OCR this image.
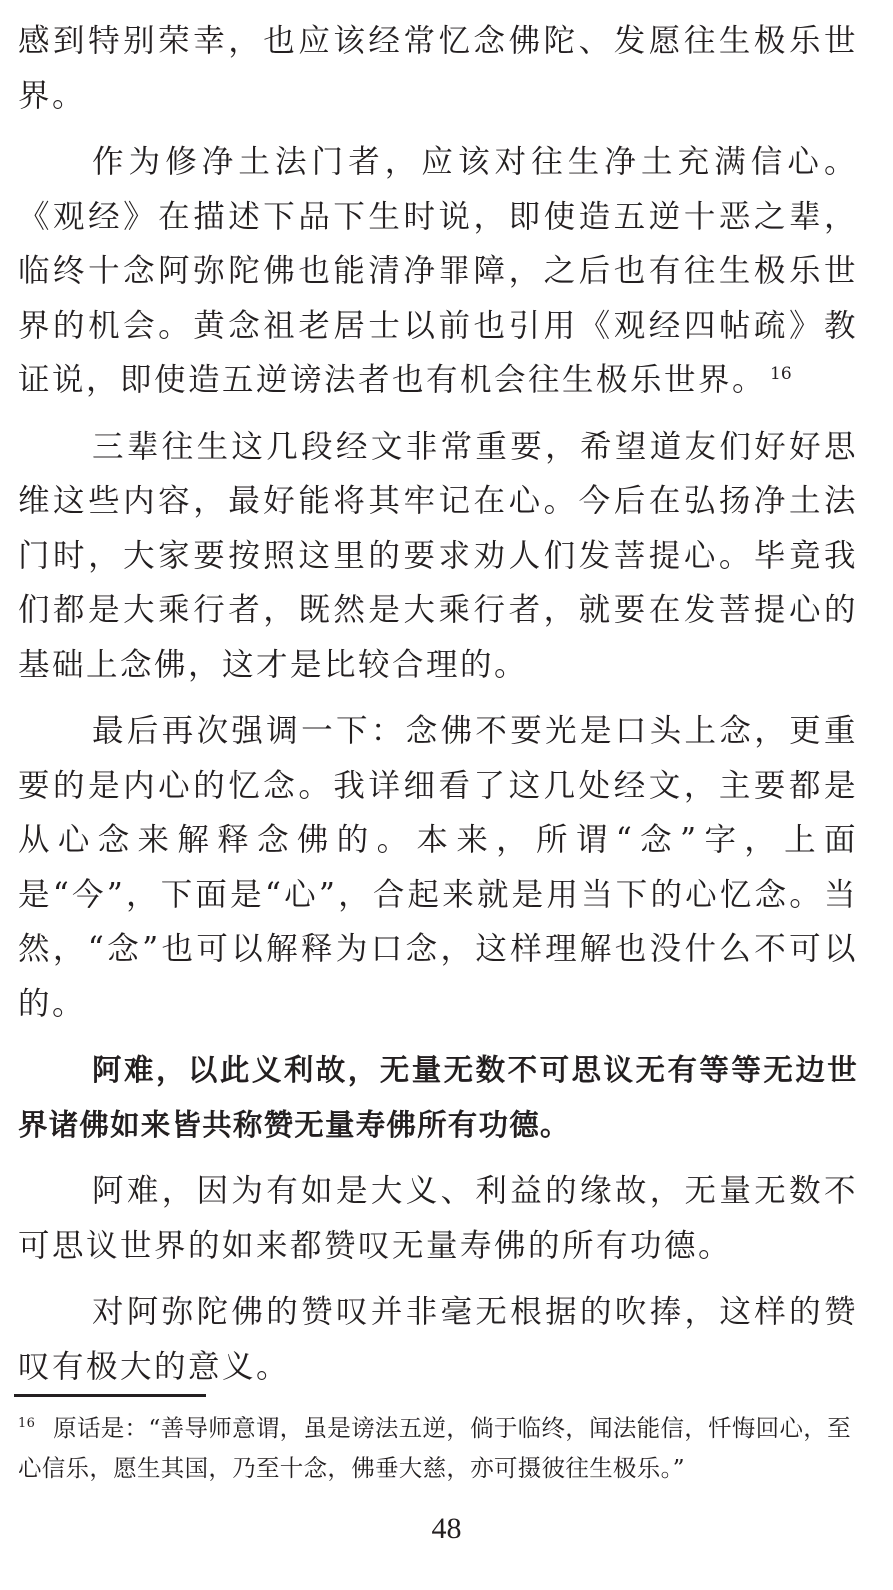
感到特别荣幸，也应该经常忆念佛陀、发愿往生极乐世界。

作为修净土法门者，应该对往生净土充满信心。《观经》在描述下品下生时说，即使造五逆十恶之辈，临终十念阿弥陀佛也能清净罪障，之后也有往生极乐世界的机会。黄念祖老居士以前也引用《观经四帖疏》教证说，即使造五逆谤法者也有机会往生极乐世界。 $^{16}$

三辈往生这几段经文非常重要，希望道友们好好思维这些内容，最好能将其牢记在心。今后在弘扬净土法门时，大家要按照这里的要求劝人们发菩提心。毕竟我们都是大乘行者，既然是大乘行者，就要在发菩提心的基础上念佛，这才是比较合理的。

最后再次强调一下：念佛不要光是口头上念，更重要的是内心的忆念。我详细看了这几处经文，主要都是从心念来解释念佛的。本来，所谓“念”字，上面是“今”，下面是“心”，合起来就是用当下的心忆念。当然，“念”也可以解释为口念，这样理解也没什么不可以的。

阿难，以此义利故，无量无数不可思议无有等等无边世界诸佛如来皆共称赞无量寿佛所有功德。

阿难，因为有如是大义、利益的缘故，无量无数不可思议世界的如来都赞叹无量寿佛的所有功德。

对阿弥陀佛的赞叹并非毫无根据的吹捧，这样的赞叹有极大的意义。

$^{16}$ 原话是：“善导师意谓，虽是谤法五逆，倘于临终，闻法能信，忏悔回心，至心信乐，愿生其国，乃至十念，佛垂大慈，亦可摄彼往生极乐。”

48
